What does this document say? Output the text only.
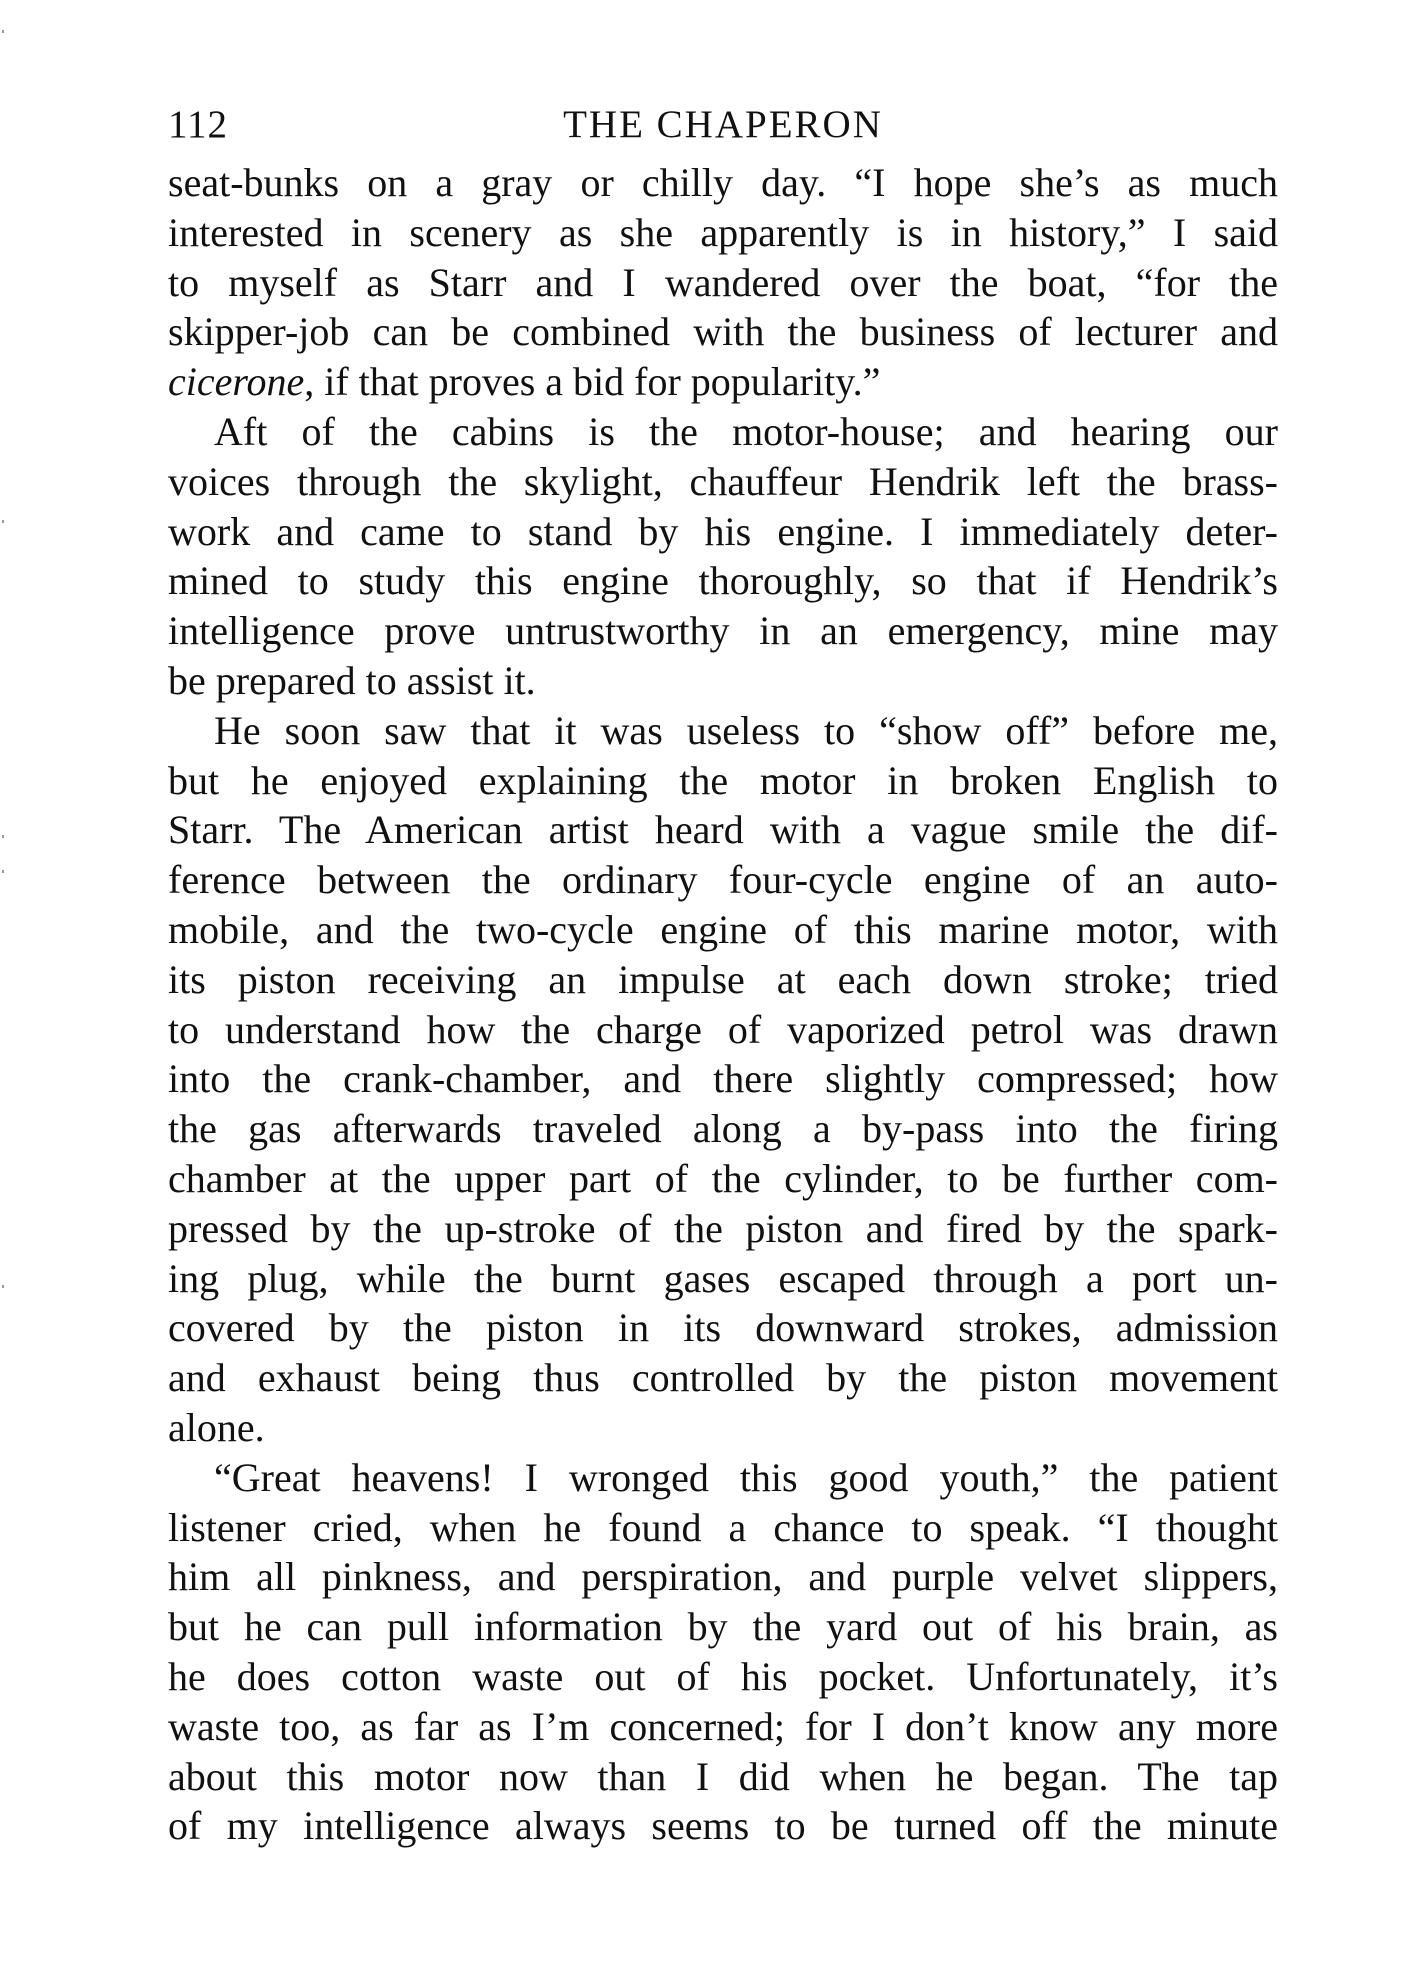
112	THE CHAPERON
seat-bunks on a gray or chilly day. “I hope she’s as much
interested in scenery as she apparently is in history,” I said
to myself as Starr and I wandered over the boat, “for the
skipper-job can be combined with the business of lecturer and
cicerone, if that proves a bid for popularity.”
Aft of the cabins is the motor-house; and hearing our
voices through the skylight, chauffeur Hendrik left the brass-
work and came to stand by his engine. I immediately deter-
mined to study this engine thoroughly, so that if Hendrik’s
intelligence prove untrustworthy in an emergency, mine may
be prepared to assist it.
He soon saw that it was useless to “show off” before me,
but he enjoyed explaining the motor in broken English to
Starr. The American artist heard with a vague smile the dif-
ference between the ordinary four-cycle engine of an auto-
mobile, and the two-cycle engine of this marine motor, with
its piston receiving an impulse at each down stroke; tried
to understand how the charge of vaporized petrol was drawn
into the crank-chamber, and there slightly compressed; how
the gas afterwards traveled along a by-pass into the firing
chamber at the upper part of the cylinder, to be further com-
pressed by the up-stroke of the piston and fired by the spark-
ing plug, while the burnt gases escaped through a port un-
covered by the piston in its downward strokes, admission
and exhaust being thus controlled by the piston movement
alone.
“Great heavens! I wronged this good youth,” the patient
listener cried, when he found a chance to speak. “I thought
him all pinkness, and perspiration, and purple velvet slippers,
but he can pull information by the yard out of his brain, as
he does cotton waste out of his pocket. Unfortunately, it’s
waste too, as far as I’m concerned; for I don’t know any more
about this motor now than I did when he began. The tap
of my intelligence always seems to be turned off the minute
